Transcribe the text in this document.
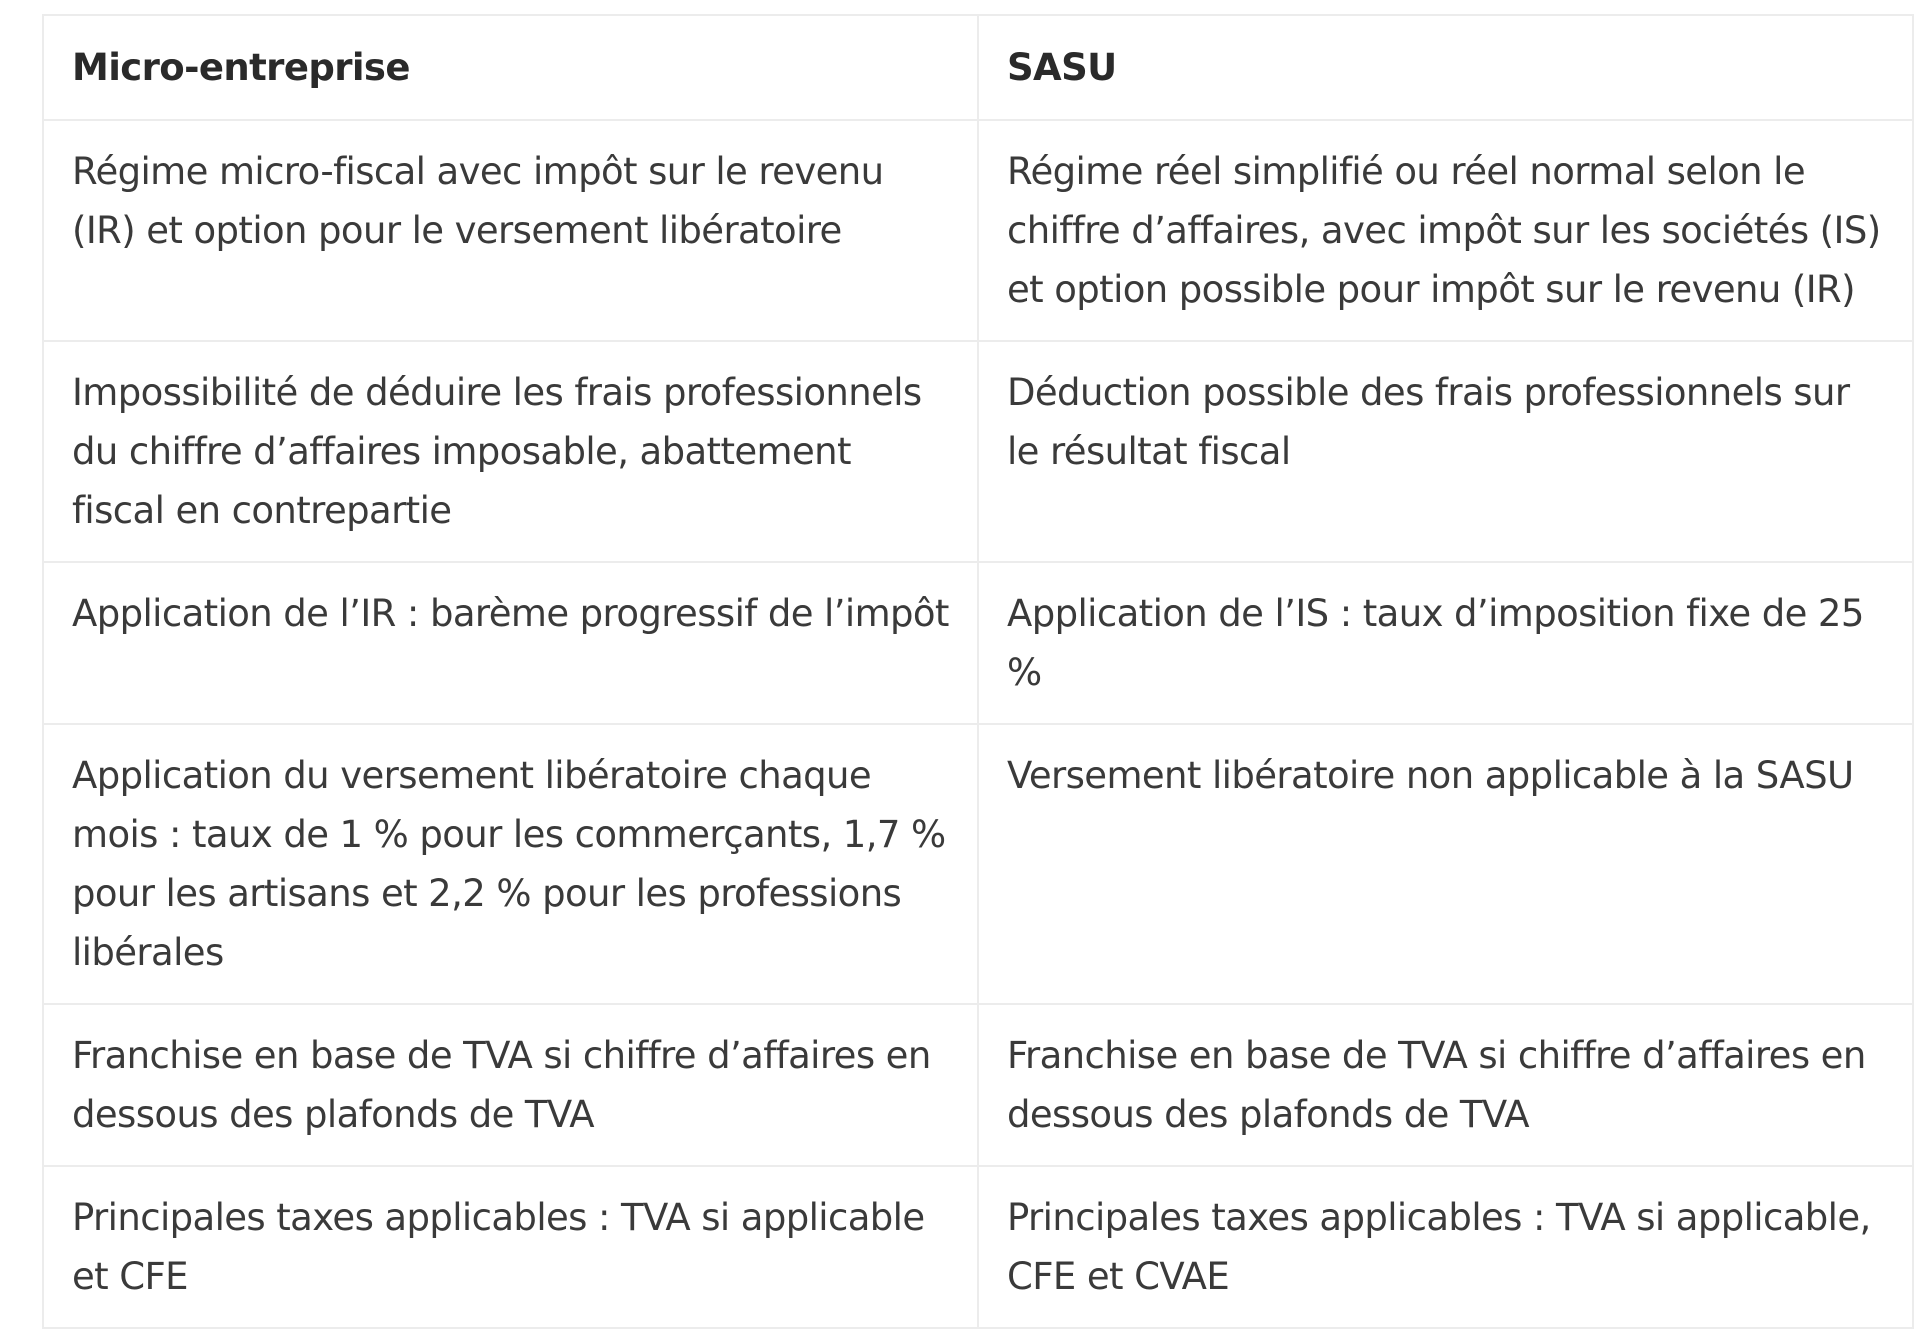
Micro-entreprise	SASU
Régime micro-fiscal avec impôt sur le revenu (IR) et option pour le versement libératoire	Régime réel simplifié ou réel normal selon le chiffre d’affaires, avec impôt sur les sociétés (IS) et option possible pour impôt sur le revenu (IR)
Impossibilité de déduire les frais professionnels du chiffre d’affaires imposable, abattement fiscal en contrepartie	Déduction possible des frais professionnels sur le résultat fiscal
Application de l’IR : barème progressif de l’impôt	Application de l’IS : taux d’imposition fixe de 25 %
Application du versement libératoire chaque mois : taux de 1 % pour les commerçants, 1,7 % pour les artisans et 2,2 % pour les professions libérales	Versement libératoire non applicable à la SASU
Franchise en base de TVA si chiffre d’affaires en dessous des plafonds de TVA	Franchise en base de TVA si chiffre d’affaires en dessous des plafonds de TVA
Principales taxes applicables : TVA si applicable et CFE	Principales taxes applicables : TVA si applicable, CFE et CVAE
